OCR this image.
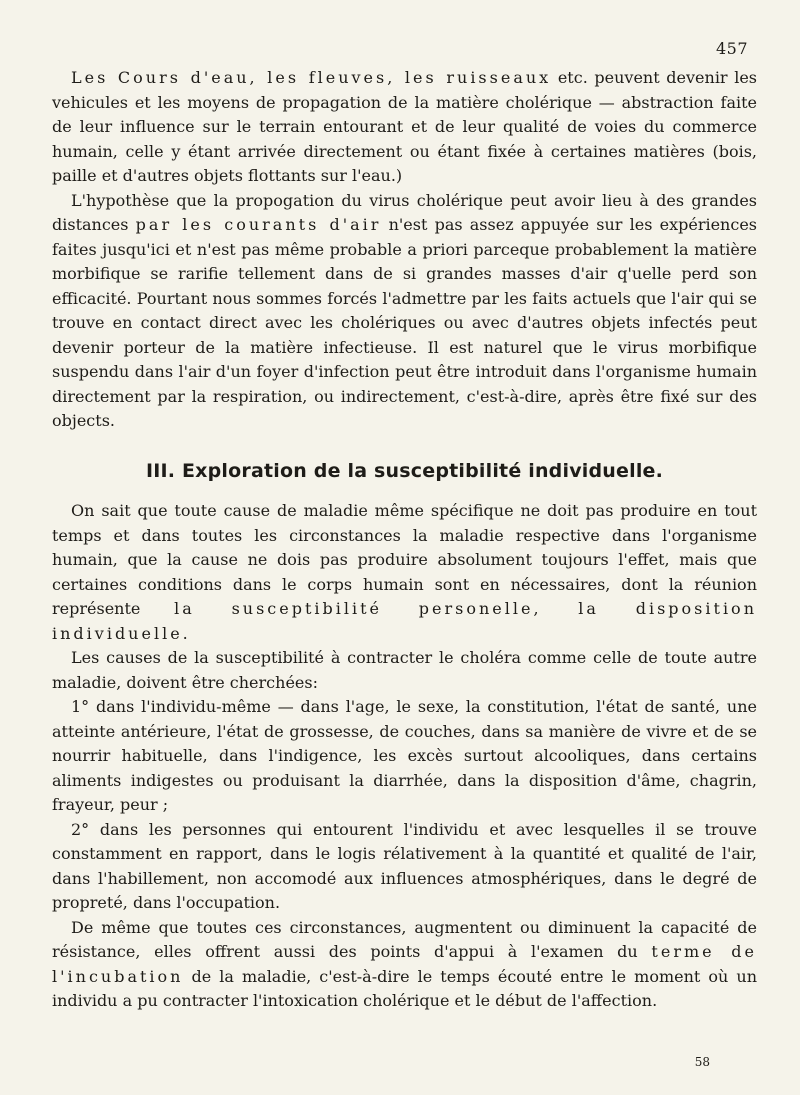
457

Les Cours d'eau, les fleuves, les ruisseaux etc. peuvent devenir les vehicules et les moyens de propagation de la matière cholérique — abstraction faite de leur influence sur le terrain entourant et de leur qualité de voies du commerce humain, celle y étant arrivée directement ou étant fixée à certaines matières (bois, paille et d'autres objets flottants sur l'eau.)

L'hypothèse que la propogation du virus cholérique peut avoir lieu à des grandes distances par les courants d'air n'est pas assez appuyée sur les expériences faites jusqu'ici et n'est pas même probable a priori parceque probablement la matière morbifique se rarifie tellement dans de si grandes masses d'air q'uelle perd son efficacité. Pourtant nous sommes forcés l'admettre par les faits actuels que l'air qui se trouve en contact direct avec les cholériques ou avec d'autres objets infectés peut devenir porteur de la matière infectieuse. Il est naturel que le virus morbifique suspendu dans l'air d'un foyer d'infection peut être introduit dans l'organisme humain directement par la respiration, ou indirectement, c'est-à-dire, après être fixé sur des objects.

III. Exploration de la susceptibilité individuelle.

On sait que toute cause de maladie même spécifique ne doit pas produire en tout temps et dans toutes les circonstances la maladie respective dans l'organisme humain, que la cause ne dois pas produire absolument toujours l'effet, mais que certaines conditions dans le corps humain sont en nécessaires, dont la réunion représente la susceptibilité personelle, la disposition individuelle.

Les causes de la susceptibilité à contracter le choléra comme celle de toute autre maladie, doivent être cherchées:

1° dans l'individu-même — dans l'age, le sexe, la constitution, l'état de santé, une atteinte antérieure, l'état de grossesse, de couches, dans sa manière de vivre et de se nourrir habituelle, dans l'indigence, les excès surtout alcooliques, dans certains aliments indigestes ou produisant la diarrhée, dans la disposition d'âme, chagrin, frayeur, peur ;

2° dans les personnes qui entourent l'individu et avec lesquelles il se trouve constamment en rapport, dans le logis rélativement à la quantité et qualité de l'air, dans l'habillement, non accomodé aux influences atmosphériques, dans le degré de propreté, dans l'occupation.

De même que toutes ces circonstances, augmentent ou diminuent la capacité de résistance, elles offrent aussi des points d'appui à l'examen du terme de l'incubation de la maladie, c'est-à-dire le temps écouté entre le moment où un individu a pu contracter l'intoxication cholérique et le début de l'affection.

58
